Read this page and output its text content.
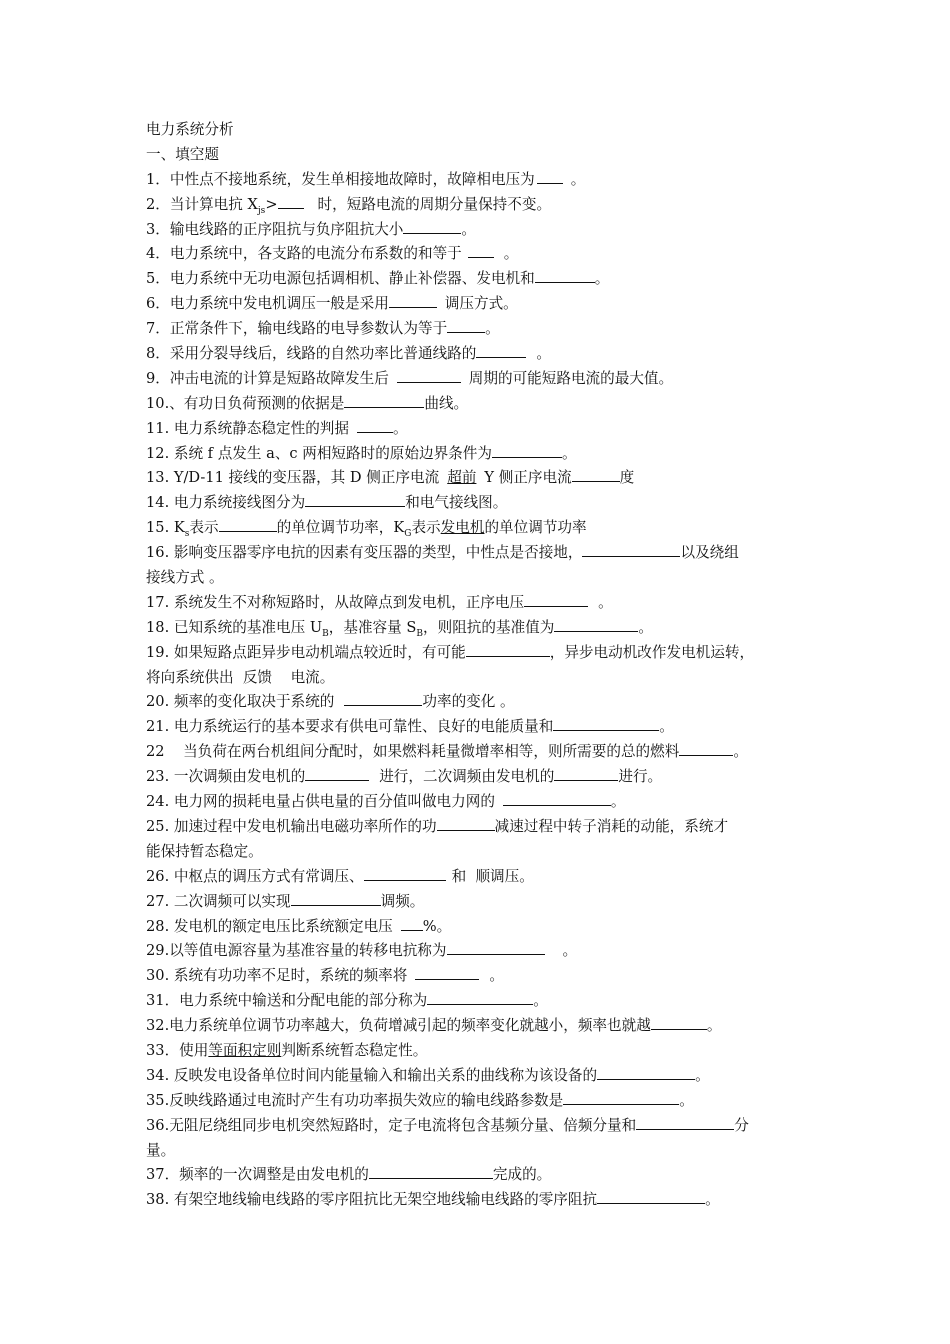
电力系统分析
一、填空题
1．中性点不接地系统，发生单相接地故障时，故障相电压为 。
2．当计算电抗 $X_{js}>$	时，短路电流的周期分量保持不变。
3．输电线路的正序阻抗与负序阻抗大小	。
4．电力系统中，各支路的电流分布系数的和等于	。
5．电力系统中无功电源包括调相机、静止补偿器、发电机和	。
6．电力系统中发电机调压一般是采用	调压方式。
7．正常条件下，输电线路的电导参数认为等于	。
8．采用分裂导线后，线路的自然功率比普通线路的	。
9．冲击电流的计算是短路故障发生后	周期的可能短路电流的最大值。
10.、有功日负荷预测的依据是	曲线。
11. 电力系统静态稳定性的判据	。
12. 系统 f 点发生 a、c 两相短路时的原始边界条件为	。
13. Y/D-11 接线的变压器，其 D 侧正序电流 超前 Y 侧正序电流	度
14. 电力系统接线图分为	和电气接线图。
15. $K_s$表示	的单位调节功率，$K_G$表示发电机的单位调节功率
16. 影响变压器零序电抗的因素有变压器的类型，中性点是否接地，	以及绕组
接线方式 。
17. 系统发生不对称短路时，从故障点到发电机，正序电压	。
18. 已知系统的基准电压 $U_B$，基准容量 $S_B$，则阻抗的基准值为	。
19. 如果短路点距异步电动机端点较近时，有可能	，异步电动机改作发电机运转，
将向系统供出  反馈    电流。
20. 频率的变化取决于系统的	功率的变化 。
21. 电力系统运行的基本要求有供电可靠性、良好的电能质量和	。
22    当负荷在两台机组间分配时，如果燃料耗量微增率相等，则所需要的总的燃料	。
23. 一次调频由发电机的	进行，二次调频由发电机的	进行。
24. 电力网的损耗电量占供电量的百分值叫做电力网的	。
25. 加速过程中发电机输出电磁功率所作的功	减速过程中转子消耗的动能，系统才
能保持暂态稳定。
26. 中枢点的调压方式有常调压、	和  顺调压。
27. 二次调频可以实现	调频。
28. 发电机的额定电压比系统额定电压 %。
29.以等值电源容量为基准容量的转移电抗称为	。
30. 系统有功功率不足时，系统的频率将	。
31．电力系统中输送和分配电能的部分称为	。
32.电力系统单位调节功率越大，负荷增减引起的频率变化就越小，频率也就越	。
33．使用等面积定则判断系统暂态稳定性。
34. 反映发电设备单位时间内能量输入和输出关系的曲线称为该设备的	。
35.反映线路通过电流时产生有功功率损失效应的输电线路参数是	。
36.无阻尼绕组同步电机突然短路时，定子电流将包含基频分量、倍频分量和	分
量。
37．频率的一次调整是由发电机的	完成的。
38. 有架空地线输电线路的零序阻抗比无架空地线输电线路的零序阻抗	。
